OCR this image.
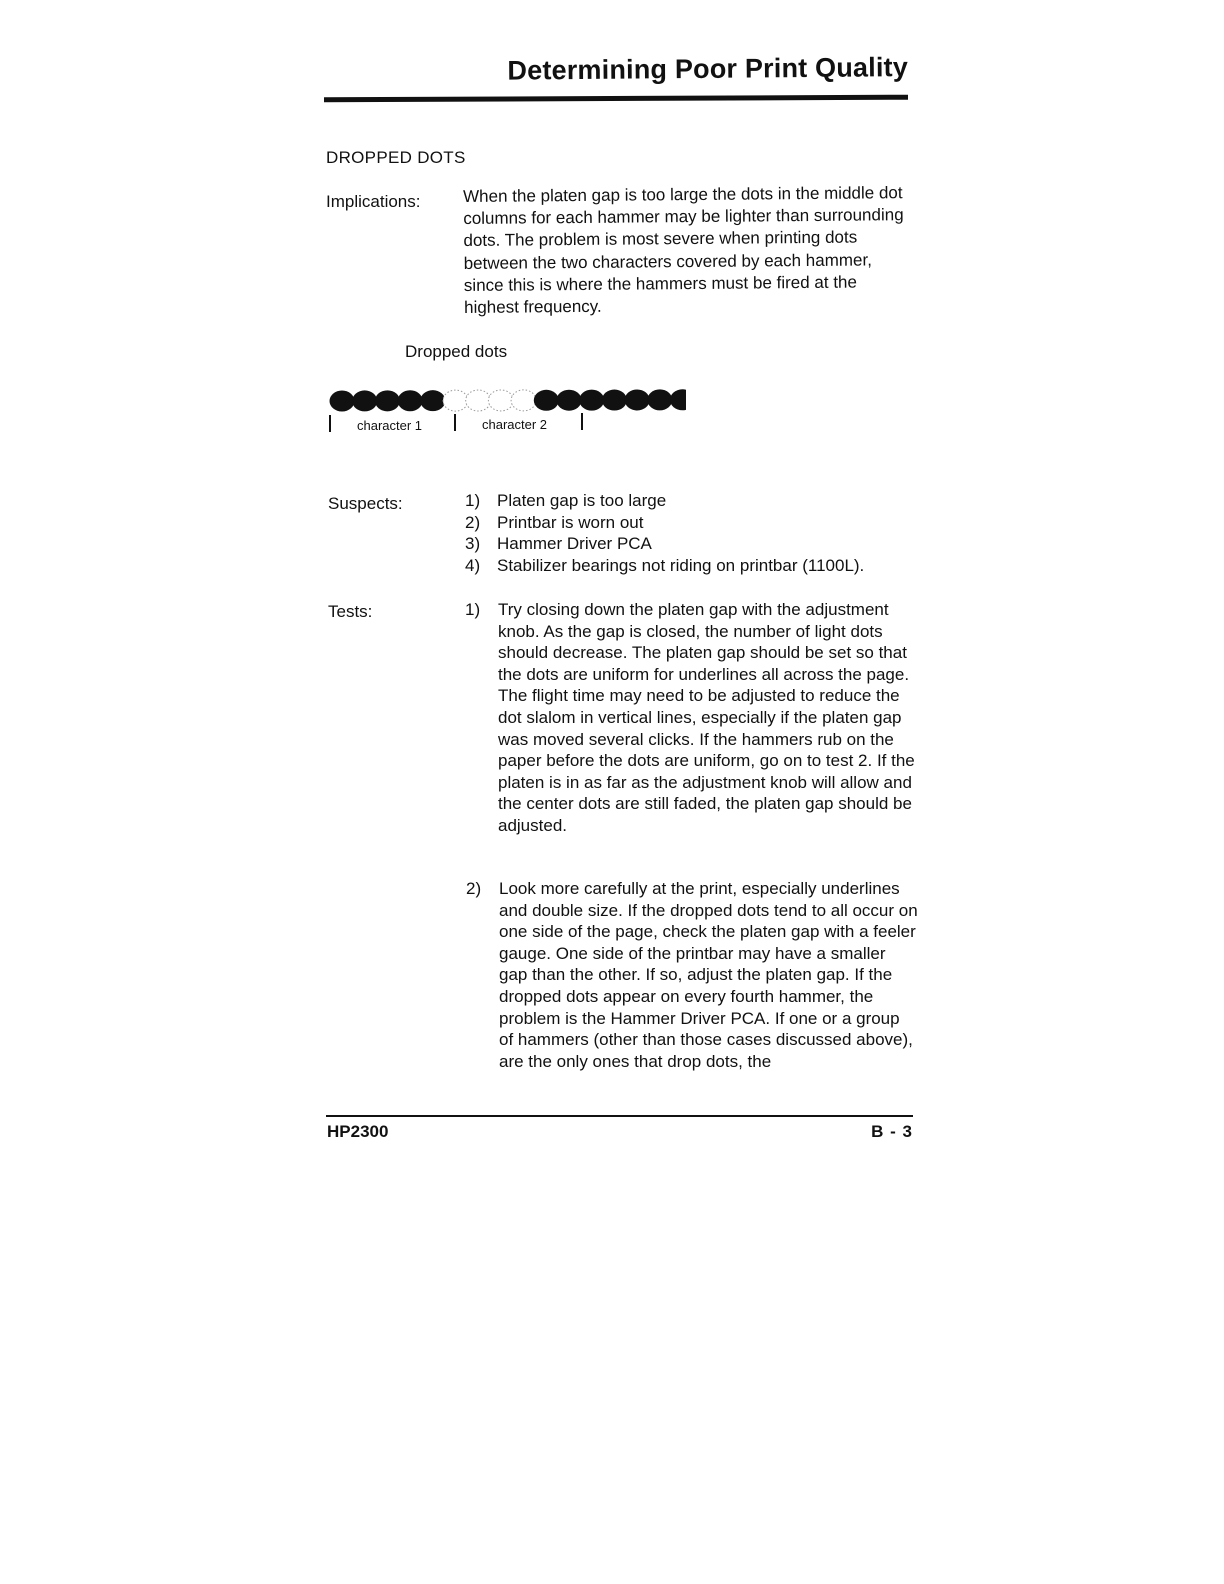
Determining Poor Print Quality
DROPPED DOTS
Implications:	When the platen gap is too large the dots in the middle dot columns for each hammer may be lighter than surrounding dots. The problem is most severe when printing dots between the two characters covered by each hammer, since this is where the hammers must be fired at the highest frequency.
Dropped dots
character 1	character 2
Suspects:	1) Platen gap is too large
2) Printbar is worn out
3) Hammer Driver PCA
4) Stabilizer bearings not riding on printbar (1100L).
Tests:	1) Try closing down the platen gap with the adjustment knob. As the gap is closed, the number of light dots should decrease. The platen gap should be set so that the dots are uniform for underlines all across the page. The flight time may need to be adjusted to reduce the dot slalom in vertical lines, especially if the platen gap was moved several clicks. If the hammers rub on the paper before the dots are uniform, go on to test 2. If the platen is in as far as the adjustment knob will allow and the center dots are still faded, the platen gap should be adjusted.
2) Look more carefully at the print, especially underlines and double size. If the dropped dots tend to all occur on one side of the page, check the platen gap with a feeler gauge. One side of the printbar may have a smaller gap than the other. If so, adjust the platen gap. If the dropped dots appear on every fourth hammer, the problem is the Hammer Driver PCA. If one or a group of hammers (other than those cases discussed above), are the only ones that drop dots, the
HP2300	B - 3
